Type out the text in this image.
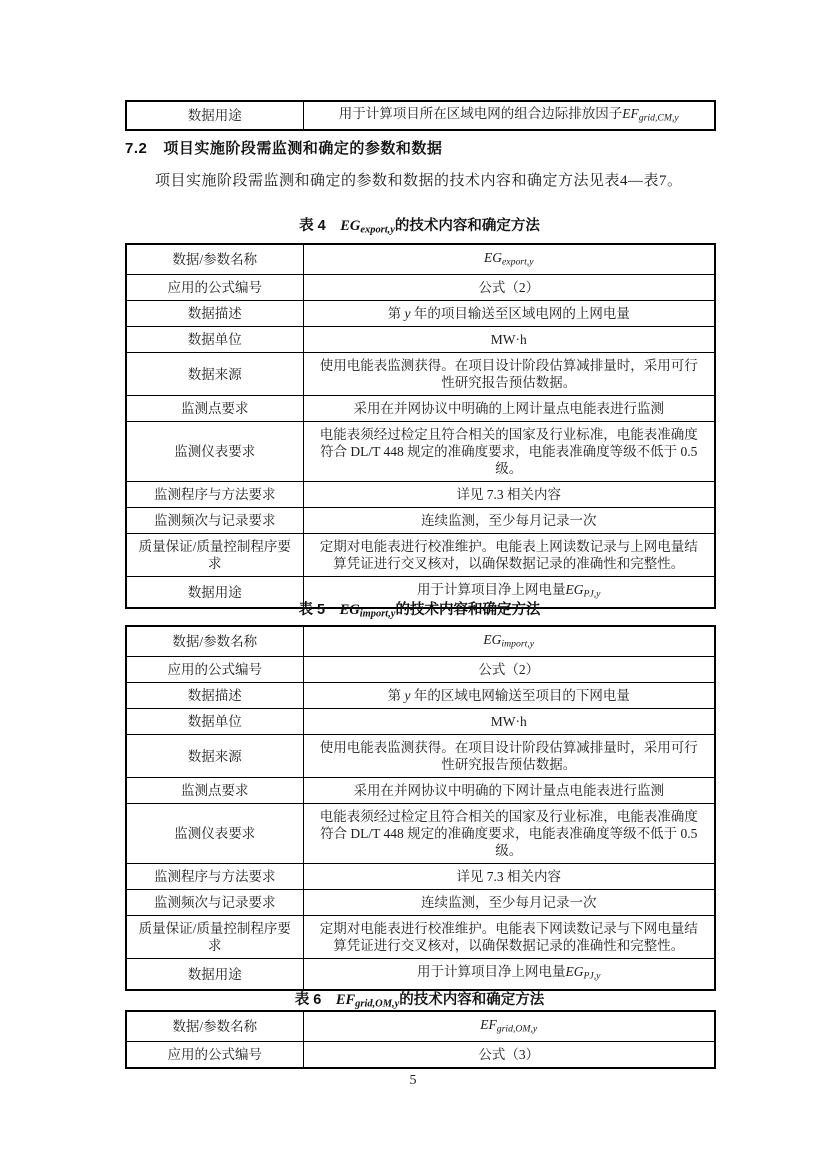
数据用途	用于计算项目所在区域电网的组合边际排放因子$EF_{grid,CM,y}$
7.2  项目实施阶段需监测和确定的参数和数据
项目实施阶段需监测和确定的参数和数据的技术内容和确定方法见表4—表7。
表 4  $EG_{export,y}$的技术内容和确定方法
数据/参数名称	$EG_{export,y}$
应用的公式编号	公式（2）
数据描述	第 y 年的项目输送至区域电网的上网电量
数据单位	MW·h
数据来源	使用电能表监测获得。在项目设计阶段估算减排量时，采用可行性研究报告预估数据。
监测点要求	采用在并网协议中明确的上网计量点电能表进行监测
监测仪表要求	电能表须经过检定且符合相关的国家及行业标准，电能表准确度符合 DL/T 448 规定的准确度要求，电能表准确度等级不低于 0.5 级。
监测程序与方法要求	详见 7.3 相关内容
监测频次与记录要求	连续监测，至少每月记录一次
质量保证/质量控制程序要求	定期对电能表进行校准维护。电能表上网读数记录与上网电量结算凭证进行交叉核对，以确保数据记录的准确性和完整性。
数据用途	用于计算项目净上网电量$EG_{PJ,y}$
表 5  $EG_{import,y}$的技术内容和确定方法
数据/参数名称	$EG_{import,y}$
应用的公式编号	公式（2）
数据描述	第 y 年的区域电网输送至项目的下网电量
数据单位	MW·h
数据来源	使用电能表监测获得。在项目设计阶段估算减排量时，采用可行性研究报告预估数据。
监测点要求	采用在并网协议中明确的下网计量点电能表进行监测
监测仪表要求	电能表须经过检定且符合相关的国家及行业标准，电能表准确度符合 DL/T 448 规定的准确度要求，电能表准确度等级不低于 0.5 级。
监测程序与方法要求	详见 7.3 相关内容
监测频次与记录要求	连续监测，至少每月记录一次
质量保证/质量控制程序要求	定期对电能表进行校准维护。电能表下网读数记录与下网电量结算凭证进行交叉核对，以确保数据记录的准确性和完整性。
数据用途	用于计算项目净上网电量$EG_{PJ,y}$
表 6  $EF_{grid,OM,y}$的技术内容和确定方法
数据/参数名称	$EF_{grid,OM,y}$
应用的公式编号	公式（3）
5
